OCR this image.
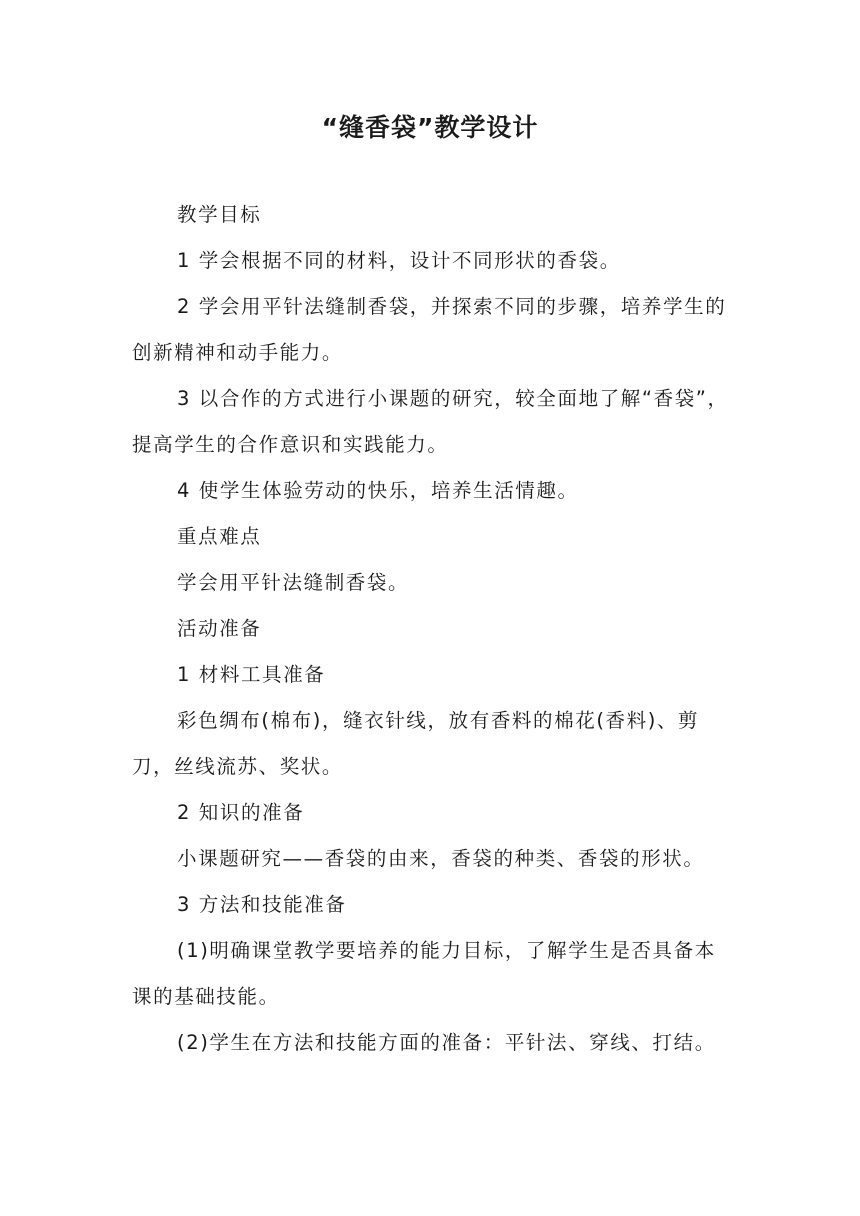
“缝香袋”教学设计

教学目标

1 学会根据不同的材料，设计不同形状的香袋。

2 学会用平针法缝制香袋，并探索不同的步骤，培养学生的创新精神和动手能力。

3 以合作的方式进行小课题的研究，较全面地了解“香袋”，提高学生的合作意识和实践能力。

4 使学生体验劳动的快乐，培养生活情趣。

重点难点

学会用平针法缝制香袋。

活动准备

1 材料工具准备

彩色绸布(棉布)，缝衣针线，放有香料的棉花(香料)、剪刀，丝线流苏、奖状。

2 知识的准备

小课题研究——香袋的由来，香袋的种类、香袋的形状。

3 方法和技能准备

(1)明确课堂教学要培养的能力目标，了解学生是否具备本课的基础技能。

(2)学生在方法和技能方面的准备：平针法、穿线、打结。
